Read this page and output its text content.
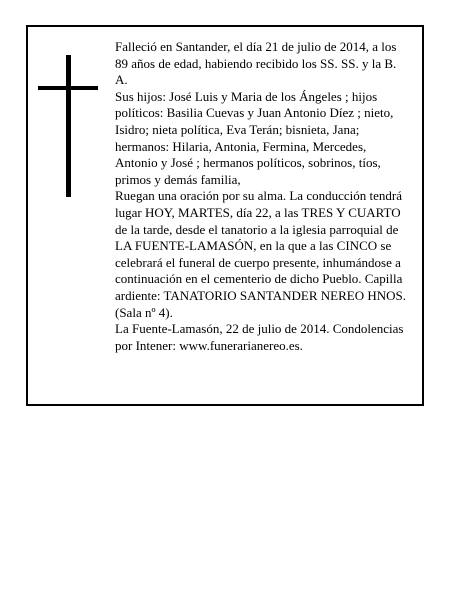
Falleció en Santander, el día 21 de julio de 2014, a los 89 años de edad, habiendo recibido los SS. SS. y la B. A.

Sus hijos: José Luis y Maria de los Ángeles ; hijos políticos: Basilia Cuevas y Juan Antonio Díez ; nieto, Isidro; nieta política, Eva Terán; bisnieta, Jana; hermanos: Hilaria, Antonia, Fermina, Mercedes, Antonio y José ; hermanos políticos, sobrinos, tíos, primos y demás familia,

Ruegan una oración por su alma. La conducción tendrá lugar HOY, MARTES, día 22, a las TRES Y CUARTO de la tarde, desde el tanatorio a la iglesia parroquial de LA FUENTE-LAMASÓN, en la que a las CINCO se celebrará el funeral de cuerpo presente, inhumándose a continuación en el cementerio de dicho Pueblo. Capilla ardiente: TANATORIO SANTANDER NEREO HNOS. (Sala nº 4).

La Fuente-Lamasón, 22 de julio de 2014. Condolencias por Intener: www.funerarianereo.es.
